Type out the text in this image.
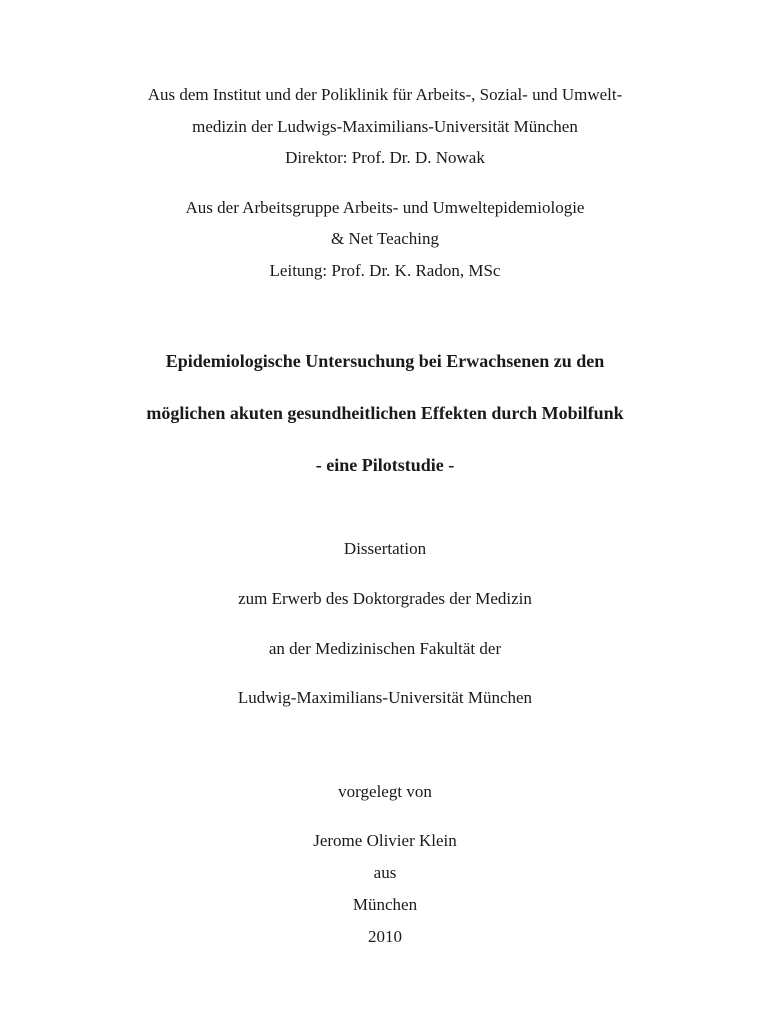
Aus dem Institut und der Poliklinik für Arbeits-, Sozial- und Umwelt-
medizin der Ludwigs-Maximilians-Universität München
Direktor: Prof. Dr. D. Nowak
Aus der Arbeitsgruppe Arbeits- und Umweltepidemiologie
& Net Teaching
Leitung: Prof. Dr. K. Radon, MSc
Epidemiologische Untersuchung bei Erwachsenen zu den
möglichen akuten gesundheitlichen Effekten durch Mobilfunk
- eine Pilotstudie -
Dissertation
zum Erwerb des Doktorgrades der Medizin
an der Medizinischen Fakultät der
Ludwig-Maximilians-Universität München
vorgelegt von
Jerome Olivier Klein
aus
München
2010
